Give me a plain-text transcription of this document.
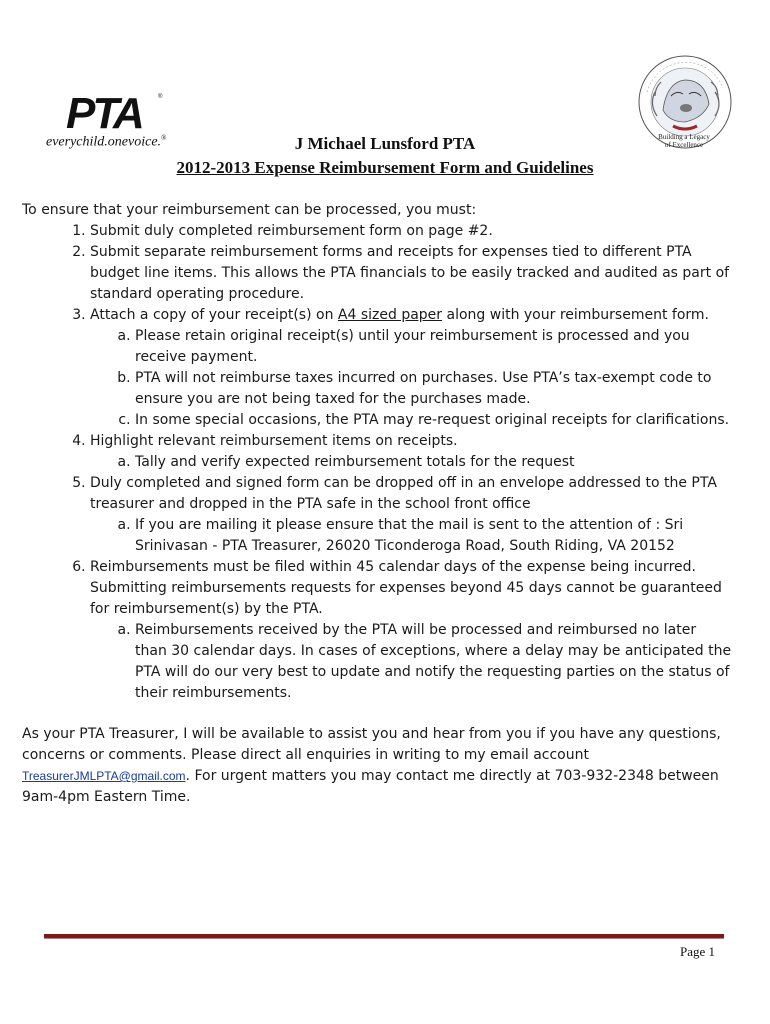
PTA	®
everychild.onevoice.®	Building a Legacy
of Excellence
J Michael Lunsford PTA
2012-2013 Expense Reimbursement Form and Guidelines

To ensure that your reimbursement can be processed, you must:

1. Submit duly completed reimbursement form on page #2.
2. Submit separate reimbursement forms and receipts for expenses tied to different PTA budget line items. This allows the PTA financials to be easily tracked and audited as part of standard operating procedure.
3. Attach a copy of your receipt(s) on A4 sized paper along with your reimbursement form.
a. Please retain original receipt(s) until your reimbursement is processed and you receive payment.
b. PTA will not reimburse taxes incurred on purchases. Use PTA’s tax-exempt code to ensure you are not being taxed for the purchases made.
c. In some special occasions, the PTA may re-request original receipts for clarifications.
4. Highlight relevant reimbursement items on receipts.
a. Tally and verify expected reimbursement totals for the request
5. Duly completed and signed form can be dropped off in an envelope addressed to the PTA treasurer and dropped in the PTA safe in the school front office
a. If you are mailing it please ensure that the mail is sent to the attention of : Sri Srinivasan - PTA Treasurer, 26020 Ticonderoga Road, South Riding, VA 20152
6. Reimbursements must be filed within 45 calendar days of the expense being incurred. Submitting reimbursements requests for expenses beyond 45 days cannot be guaranteed for reimbursement(s) by the PTA.
a. Reimbursements received by the PTA will be processed and reimbursed no later than 30 calendar days. In cases of exceptions, where a delay may be anticipated the PTA will do our very best to update and notify the requesting parties on the status of their reimbursements.

As your PTA Treasurer, I will be available to assist you and hear from you if you have any questions, concerns or comments. Please direct all enquiries in writing to my email account TreasurerJMLPTA@gmail.com. For urgent matters you may contact me directly at 703-932-2348 between 9am-4pm Eastern Time.

Page 1
